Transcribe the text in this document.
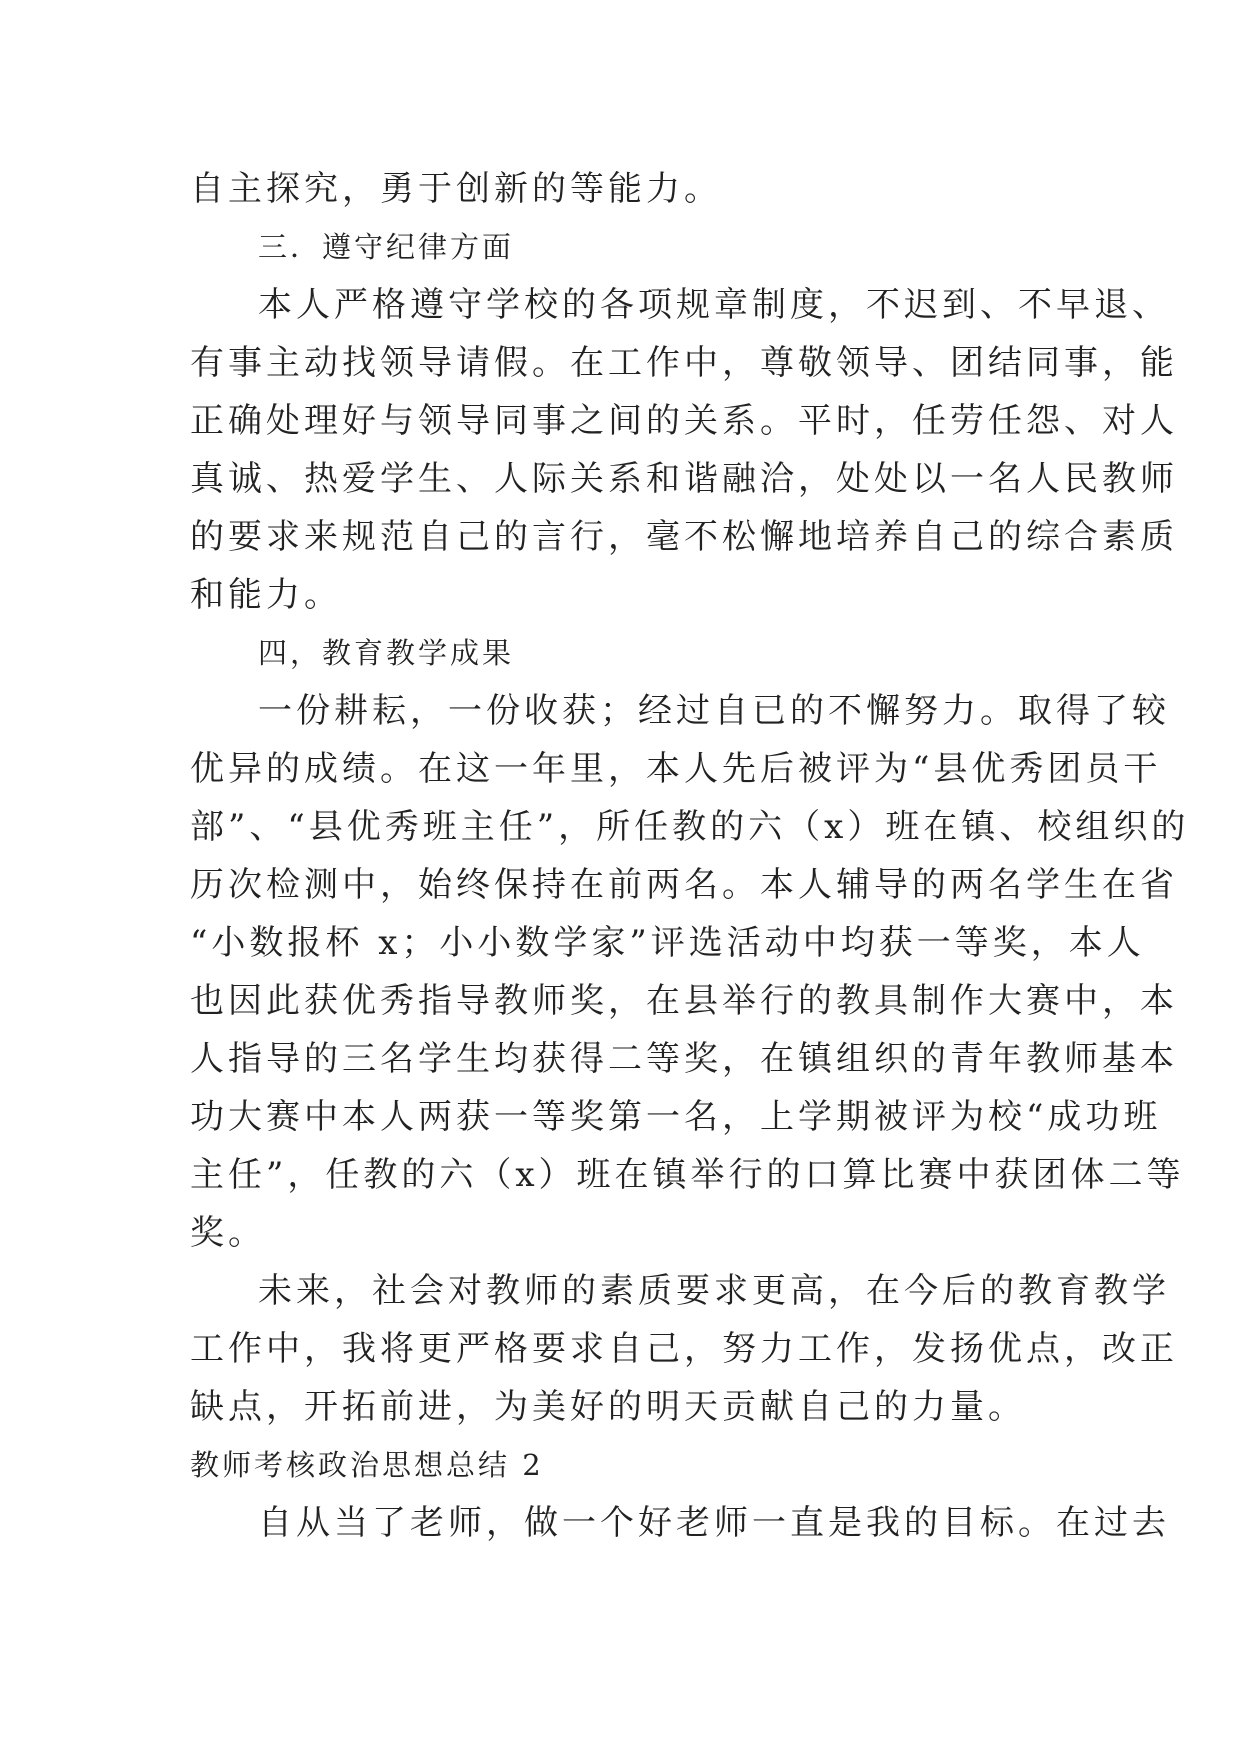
自主探究，勇于创新的等能力。
三．遵守纪律方面
本人严格遵守学校的各项规章制度，不迟到、不早退、
有事主动找领导请假。在工作中，尊敬领导、团结同事，能
正确处理好与领导同事之间的关系。平时，任劳任怨、对人
真诚、热爱学生、人际关系和谐融洽，处处以一名人民教师
的要求来规范自己的言行，毫不松懈地培养自己的综合素质
和能力。
四，教育教学成果
一份耕耘，一份收获；经过自已的不懈努力。取得了较
优异的成绩。在这一年里，本人先后被评为“县优秀团员干
部”、“县优秀班主任”，所任教的六（x）班在镇、校组织的
历次检测中，始终保持在前两名。本人辅导的两名学生在省
“小数报杯 x；小小数学家”评选活动中均获一等奖，本人
也因此获优秀指导教师奖，在县举行的教具制作大赛中，本
人指导的三名学生均获得二等奖，在镇组织的青年教师基本
功大赛中本人两获一等奖第一名，上学期被评为校“成功班
主任”，任教的六（x）班在镇举行的口算比赛中获团体二等
奖。
未来，社会对教师的素质要求更高，在今后的教育教学
工作中，我将更严格要求自己，努力工作，发扬优点，改正
缺点，开拓前进，为美好的明天贡献自己的力量。
教师考核政治思想总结 2
自从当了老师，做一个好老师一直是我的目标。在过去
